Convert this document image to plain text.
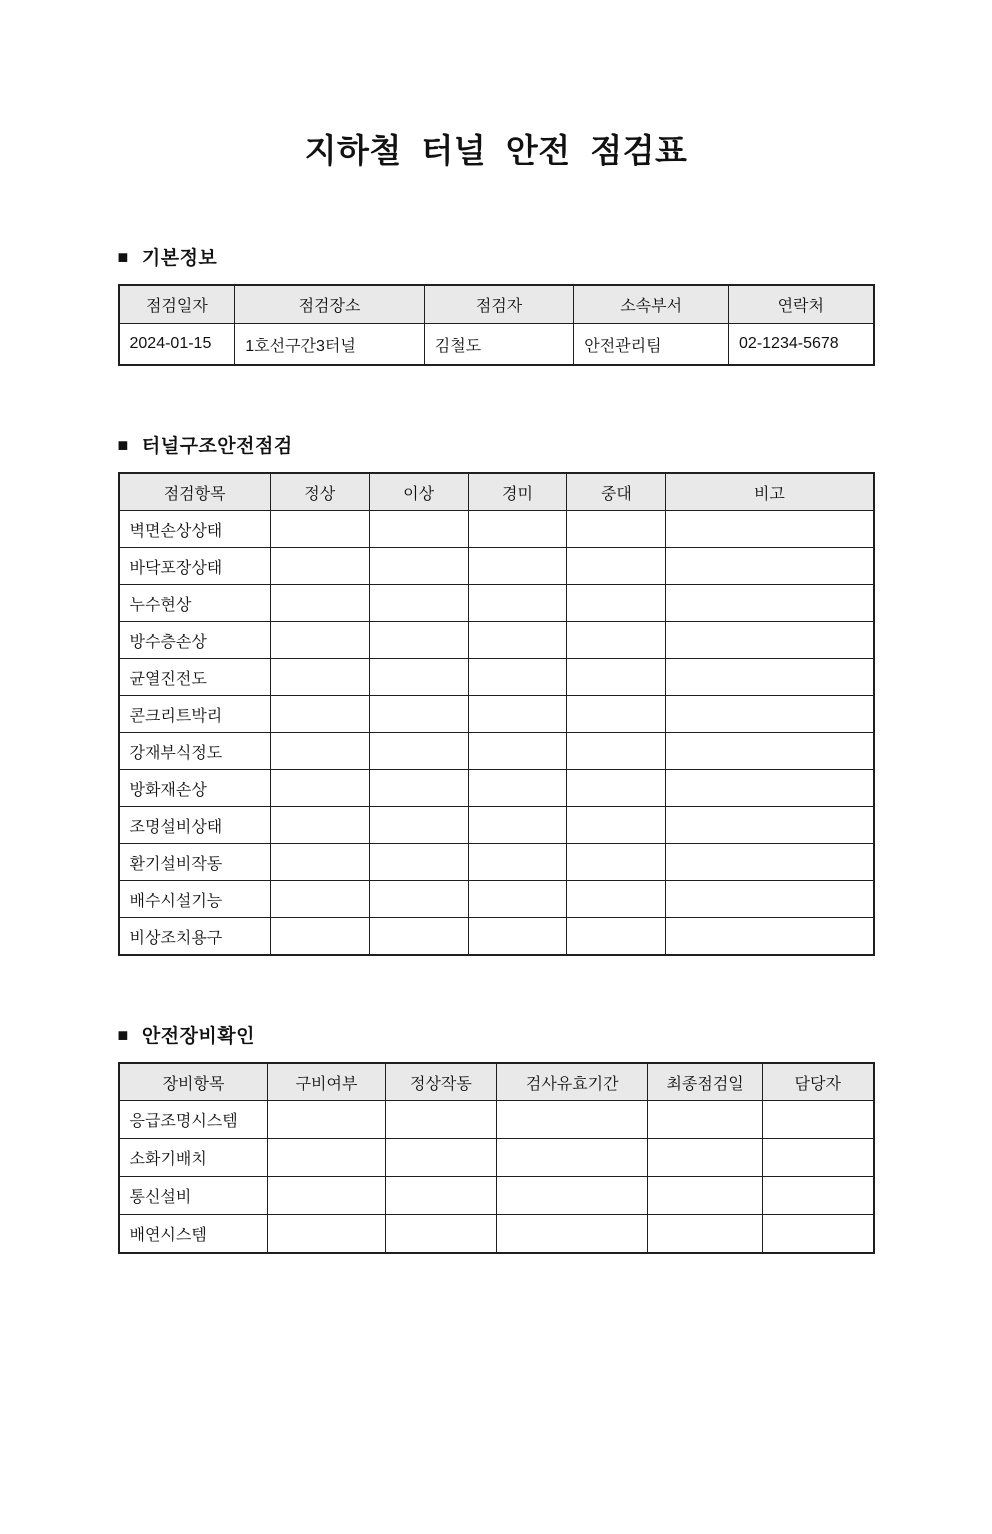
지하철 터널 안전 점검표
■ 기본정보
점검일자	점검장소	점검자	소속부서	연락처
2024-01-15	1호선구간3터널	김철도	안전관리팀	02-1234-5678
■ 터널구조안전점검
점검항목	정상	이상	경미	중대	비고
벽면손상상태					
바닥포장상태					
누수현상					
방수층손상					
균열진전도					
콘크리트박리					
강재부식정도					
방화재손상					
조명설비상태					
환기설비작동					
배수시설기능					
비상조치용구					
■ 안전장비확인
장비항목	구비여부	정상작동	검사유효기간	최종점검일	담당자
응급조명시스템					
소화기배치					
통신설비					
배연시스템					
